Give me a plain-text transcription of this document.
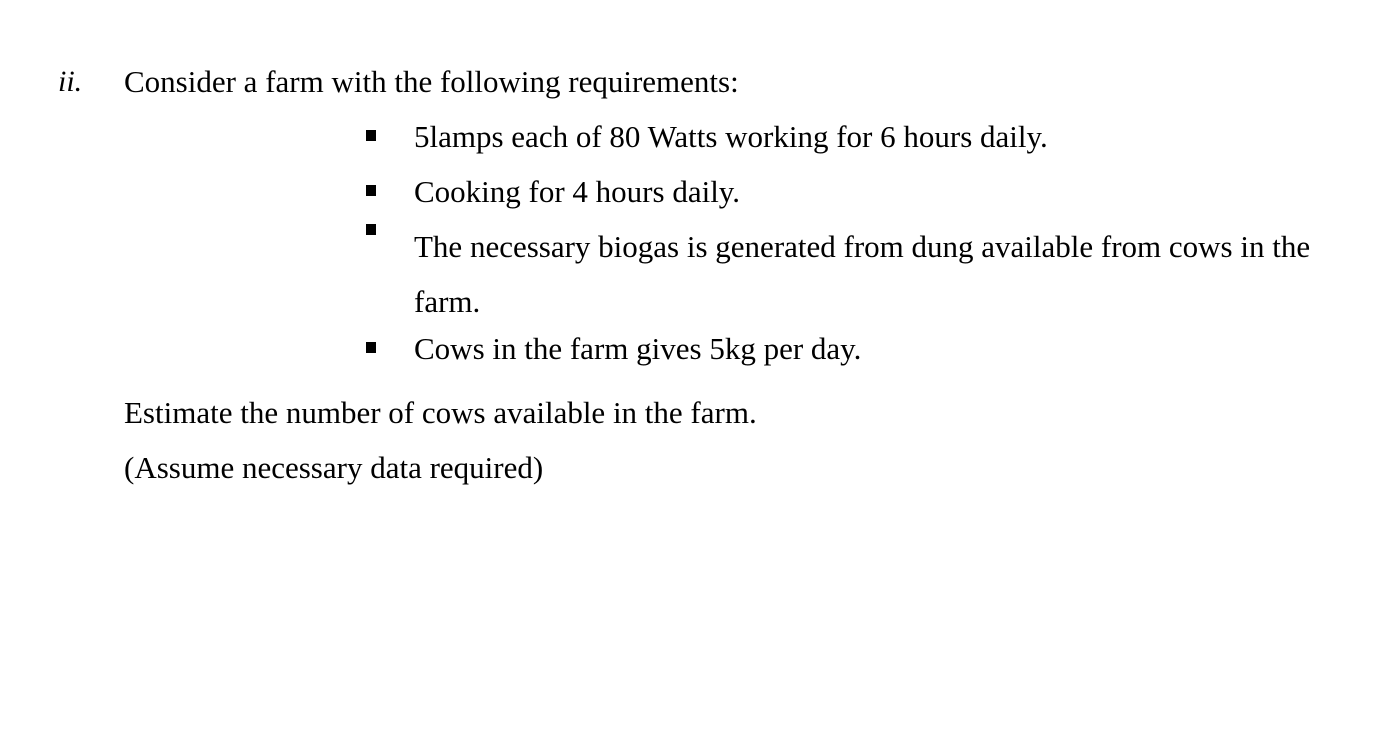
ii. Consider a farm with the following requirements:
5lamps each of 80 Watts working for 6 hours daily.
Cooking for 4 hours daily.
The necessary biogas is generated from dung available from cows in the farm.
Cows in the farm gives 5kg per day.
Estimate the number of cows available in the farm.
(Assume necessary data required)
